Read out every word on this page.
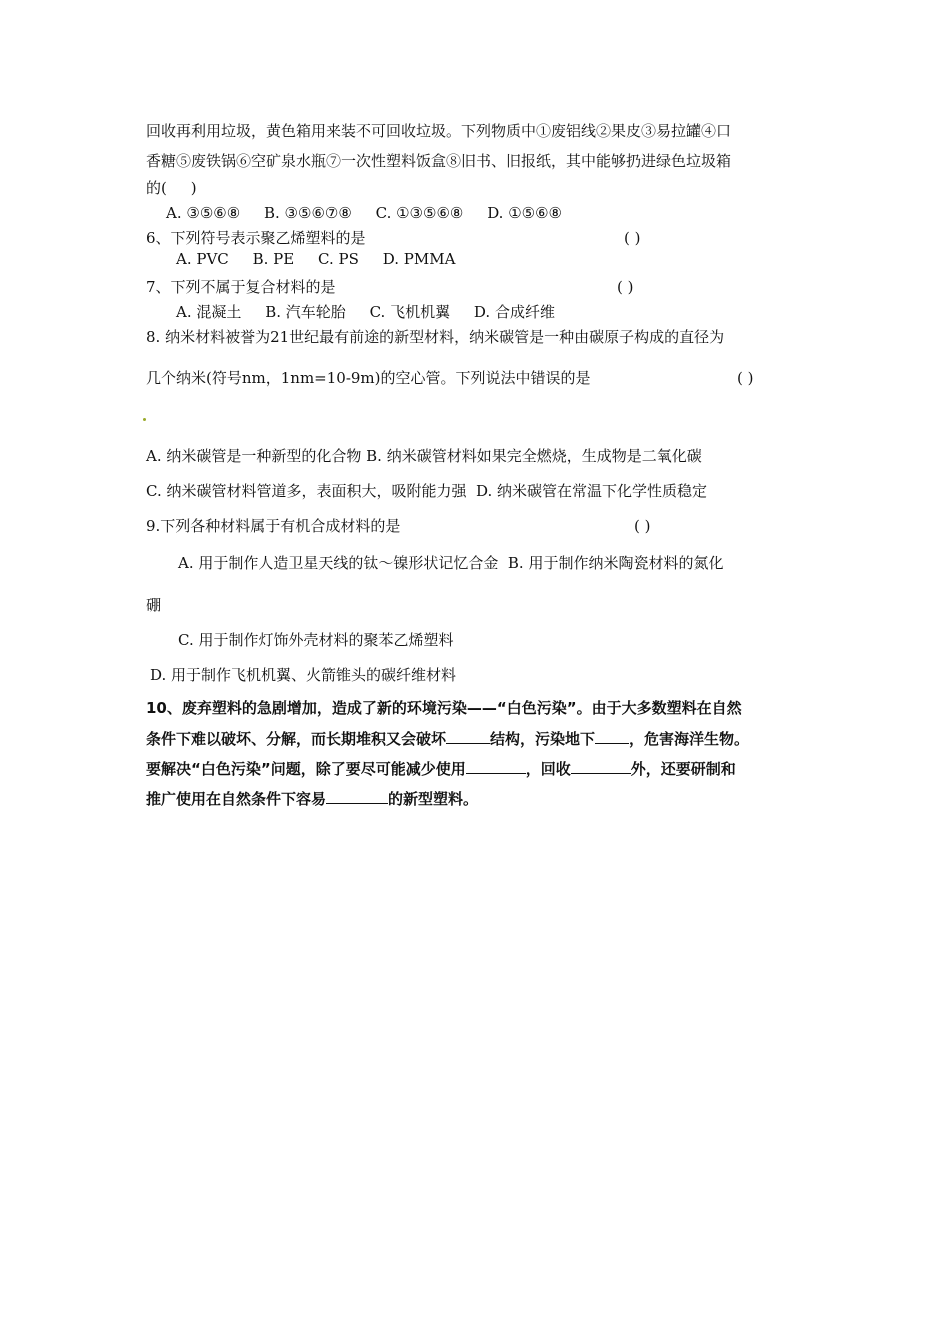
回收再利用垃圾，黄色箱用来装不可回收垃圾。下列物质中①废铝线②果皮③易拉罐④口
香糖⑤废铁锅⑥空矿泉水瓶⑦一次性塑料饭盒⑧旧书、旧报纸，其中能够扔进绿色垃圾箱
的(     )
A. ③⑤⑥⑧     B. ③⑤⑥⑦⑧     C. ①③⑤⑥⑧     D. ①⑤⑥⑧
6、下列符号表示聚乙烯塑料的是	( )
A. PVC     B. PE     C. PS     D. PMMA
7、下列不属于复合材料的是	( )
A. 混凝土     B. 汽车轮胎     C. 飞机机翼     D. 合成纤维
8. 纳米材料被誉为21世纪最有前途的新型材料，纳米碳管是一种由碳原子构成的直径为
几个纳米(符号nm，1nm=10-9m)的空心管。下列说法中错误的是	( )
A. 纳米碳管是一种新型的化合物 B. 纳米碳管材料如果完全燃烧，生成物是二氧化碳
C. 纳米碳管材料管道多，表面积大，吸附能力强  D. 纳米碳管在常温下化学性质稳定
9.下列各种材料属于有机合成材料的是	( )
A. 用于制作人造卫星天线的钛～镍形状记忆合金  B. 用于制作纳米陶瓷材料的氮化
硼
C. 用于制作灯饰外壳材料的聚苯乙烯塑料
D. 用于制作飞机机翼、火箭锥头的碳纤维材料
10、废弃塑料的急剧增加，造成了新的环境污染——“白色污染”。由于大多数塑料在自然
条件下难以破坏、分解，而长期堆积又会破坏	结构，污染地下 ，危害海洋生物。
要解决“白色污染”问题，除了要尽可能减少使用	，回收	外，还要研制和
推广使用在自然条件下容易	的新型塑料。
